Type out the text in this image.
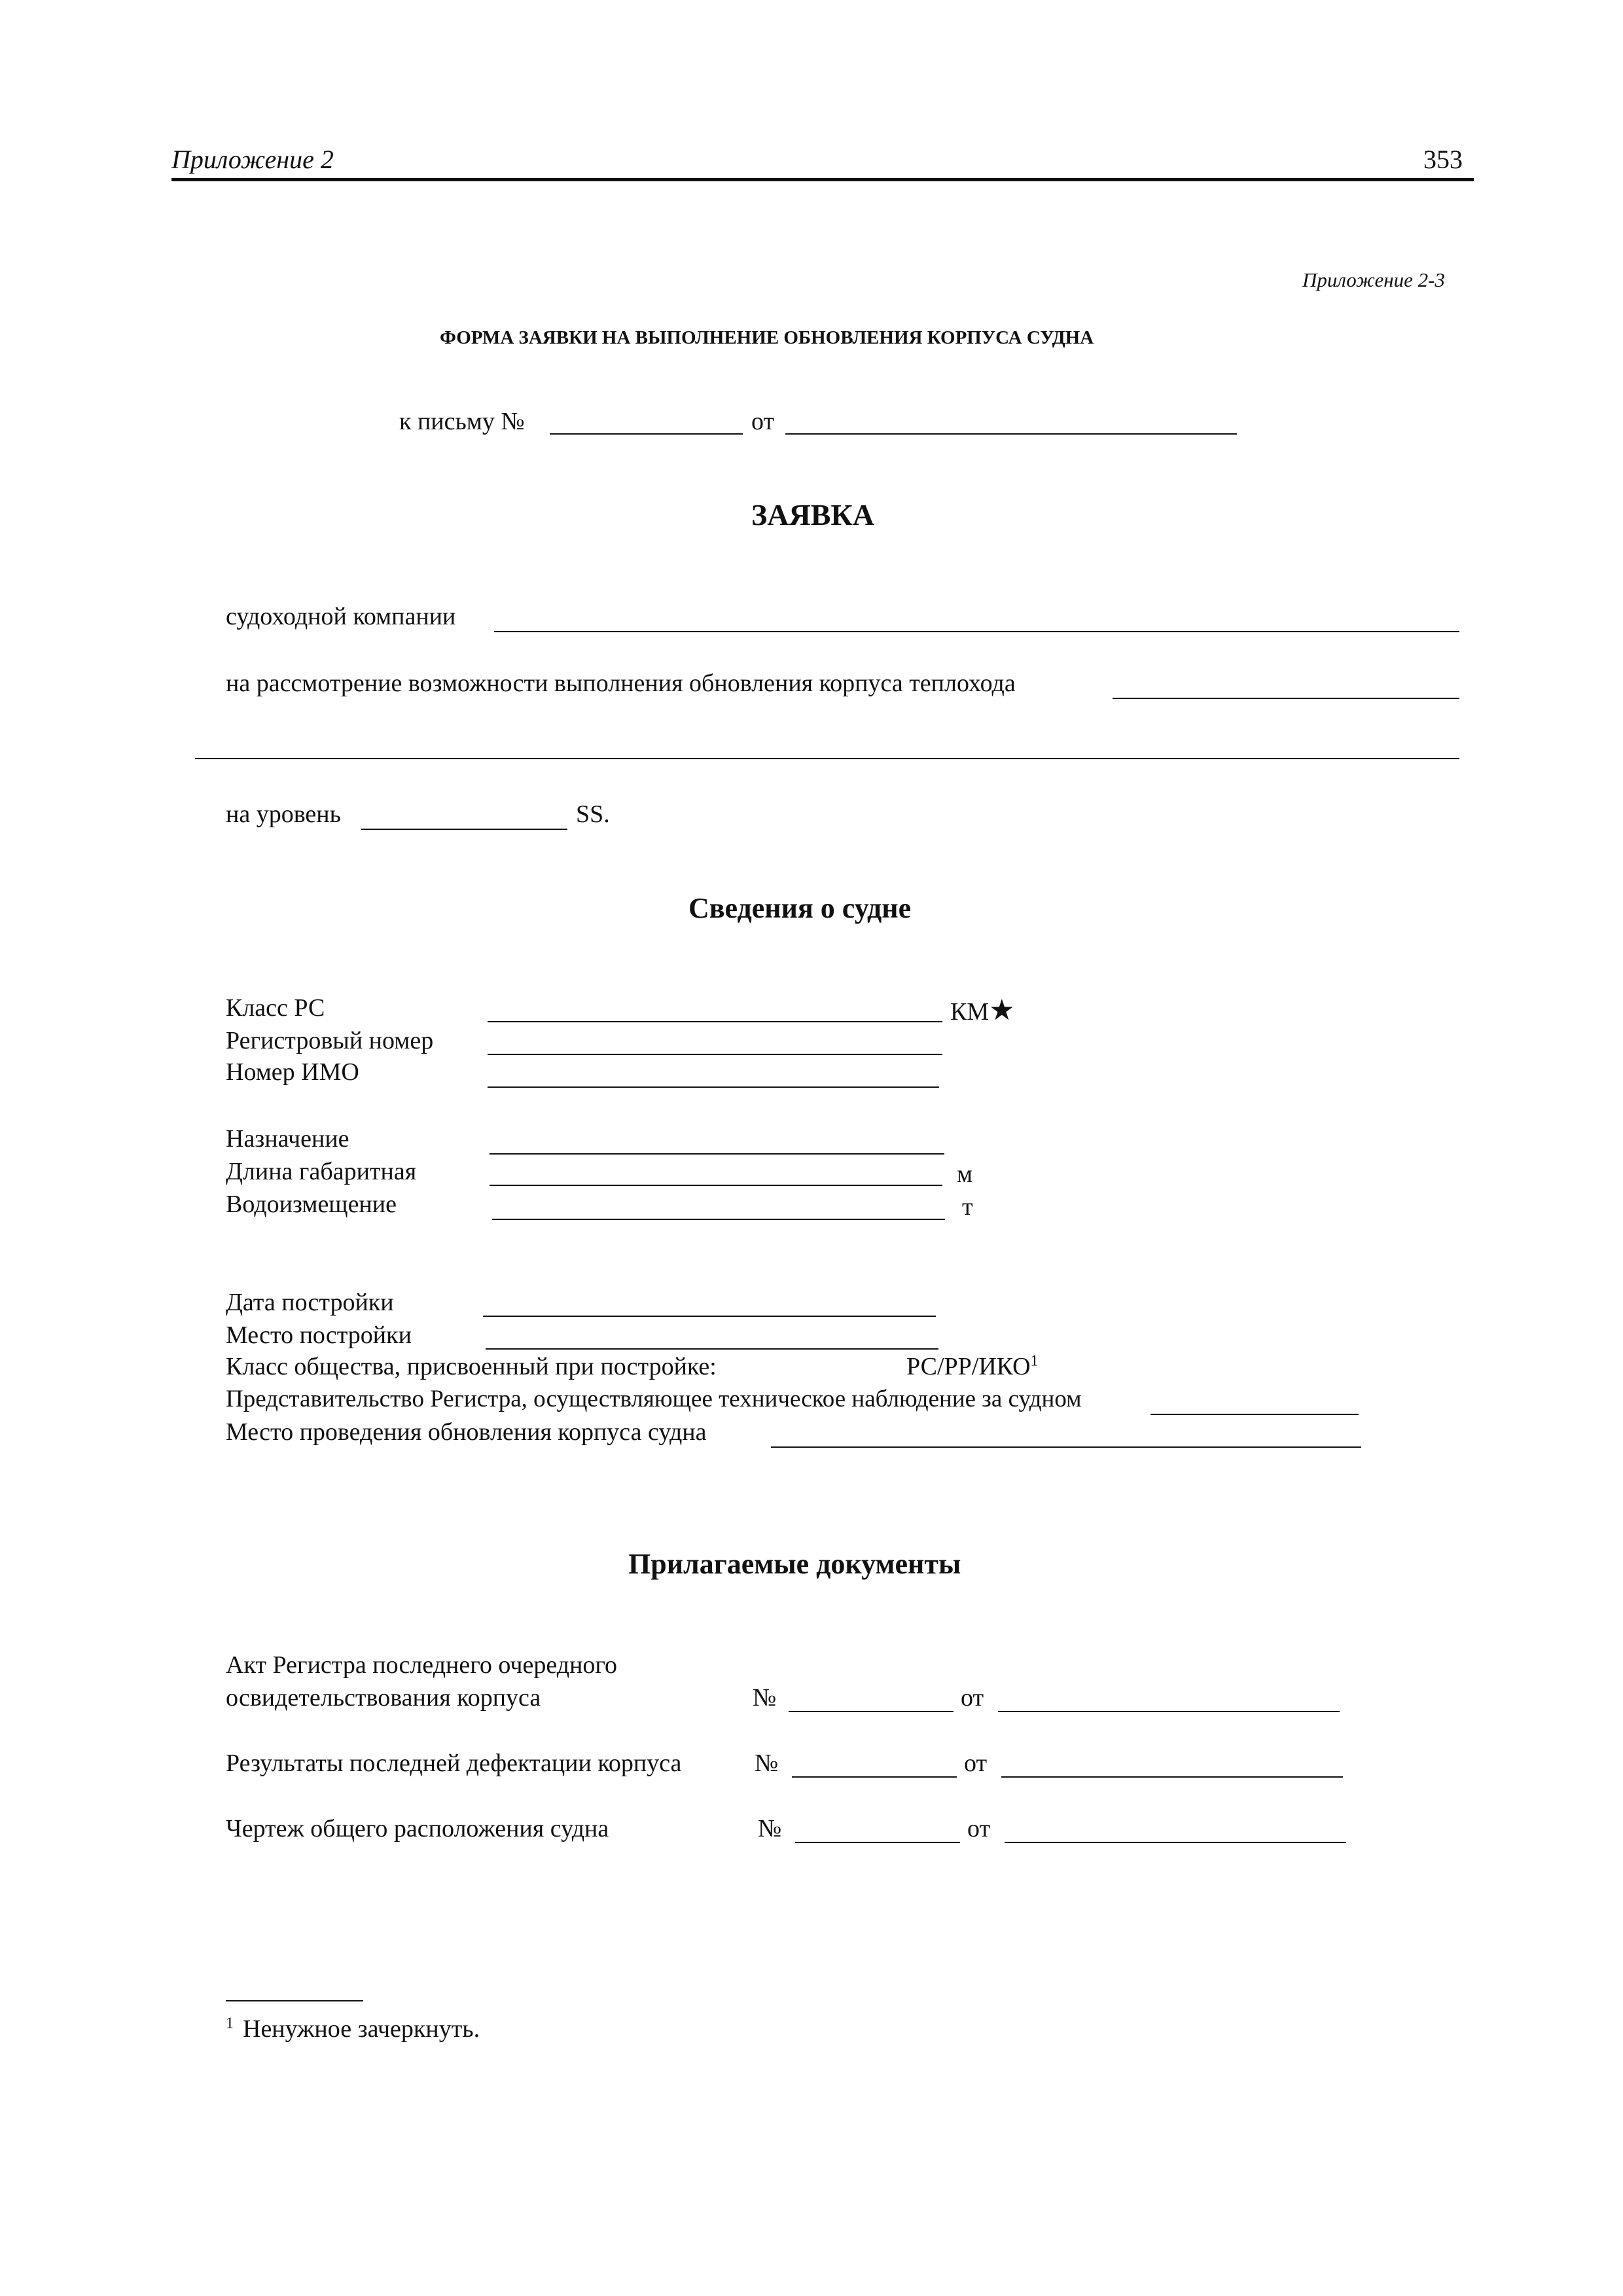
Приложение 2	353
Приложение 2-3
ФОРМА ЗАЯВКИ НА ВЫПОЛНЕНИЕ ОБНОВЛЕНИЯ КОРПУСА СУДНА
к письму №	от
ЗАЯВКА
судоходной компании
на рассмотрение возможности выполнения обновления корпуса теплохода
на уровень	SS.
Сведения о судне
Класс РС	КМ★
Регистровый номер
Номер ИМО
Назначение
Длина габаритная	м
Водоизмещение	т
Дата постройки
Место постройки
Класс общества, присвоенный при постройке:	РС/РР/ИКО$^1$
Представительство Регистра, осуществляющее техническое наблюдение за судном
Место проведения обновления корпуса судна
Прилагаемые документы
Акт Регистра последнего очередного
освидетельствования корпуса	№	от
Результаты последней дефектации корпуса	№	от
Чертеж общего расположения судна	№	от
$^1$ Ненужное зачеркнуть.
